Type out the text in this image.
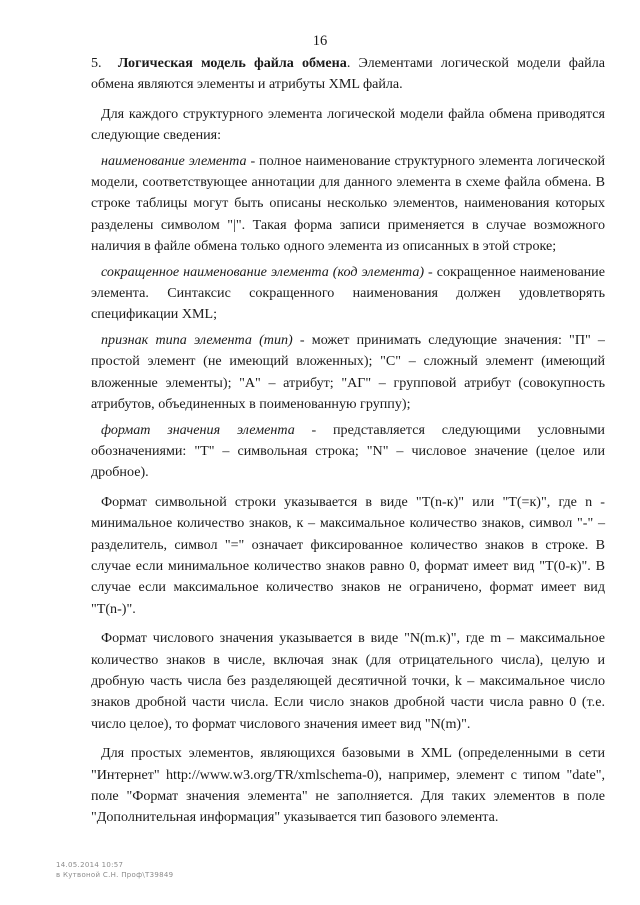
16

5. Логическая модель файла обмена. Элементами логической модели файла обмена являются элементы и атрибуты XML файла.

Для каждого структурного элемента логической модели файла обмена приводятся следующие сведения:

наименование элемента - полное наименование структурного элемента логической модели, соответствующее аннотации для данного элемента в схеме файла обмена. В строке таблицы могут быть описаны несколько элементов, наименования которых разделены символом "|". Такая форма записи применяется в случае возможного наличия в файле обмена только одного элемента из описанных в этой строке;

сокращенное наименование элемента (код элемента) - сокращенное наименование элемента. Синтаксис сокращенного наименования должен удовлетворять спецификации XML;

признак типа элемента (тип) - может принимать следующие значения: "П" – простой элемент (не имеющий вложенных); "С" – сложный элемент (имеющий вложенные элементы); "А" – атрибут; "АГ" – групповой атрибут (совокупность атрибутов, объединенных в поименованную группу);

формат значения элемента - представляется следующими условными обозначениями: "Т" – символьная строка; "N" – числовое значение (целое или дробное).

Формат символьной строки указывается в виде "Т(n-к)" или "Т(=к)", где n - минимальное количество знаков, к – максимальное количество знаков, символ "-" – разделитель, символ "=" означает фиксированное количество знаков в строке. В случае если минимальное количество знаков равно 0, формат имеет вид "Т(0-к)". В случае если максимальное количество знаков не ограничено, формат имеет вид "Т(n-)".

Формат числового значения указывается в виде "N(m.к)", где m – максимальное количество знаков в числе, включая знак (для отрицательного числа), целую и дробную часть числа без разделяющей десятичной точки, k – максимальное число знаков дробной части числа. Если число знаков дробной части числа равно 0 (т.е. число целое), то формат числового значения имеет вид "N(m)".

Для простых элементов, являющихся базовыми в XML (определенными в сети "Интернет" http://www.w3.org/TR/xmlschema-0), например, элемент с типом "date", поле "Формат значения элемента" не заполняется. Для таких элементов в поле "Дополнительная информация" указывается тип базового элемента.

14.05.2014 10:57
в Кутвоной С.Н. Проф\Т39849
